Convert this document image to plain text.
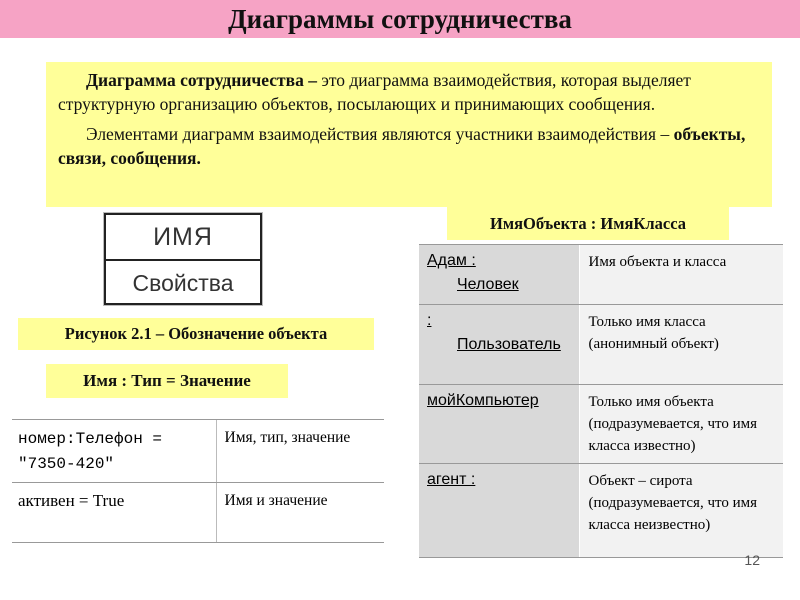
Диаграммы сотрудничества

Диаграмма сотрудничества – это диаграмма взаимодействия, которая выделяет структурную организацию объектов, посылающих и принимающих сообщения.

Элементами диаграмм взаимодействия являются участники взаимодействия – объекты, связи, сообщения.

ИМЯ
Свойства
Рисунок 2.1 – Обозначение объекта
Имя : Тип = Значение
ИмяОбъекта : ИмяКласса
номер:Телефон = "7350-420"	Имя, тип, значение
активен = True	Имя и значение
Адам :
Человек	Имя объекта и класса
:
Пользователь	Только имя класса (анонимный объект)
мойКомпьютер	Только имя объекта (подразумевается, что имя класса известно)
агент :	Объект – сирота (подразумевается, что имя класса неизвестно)
12
